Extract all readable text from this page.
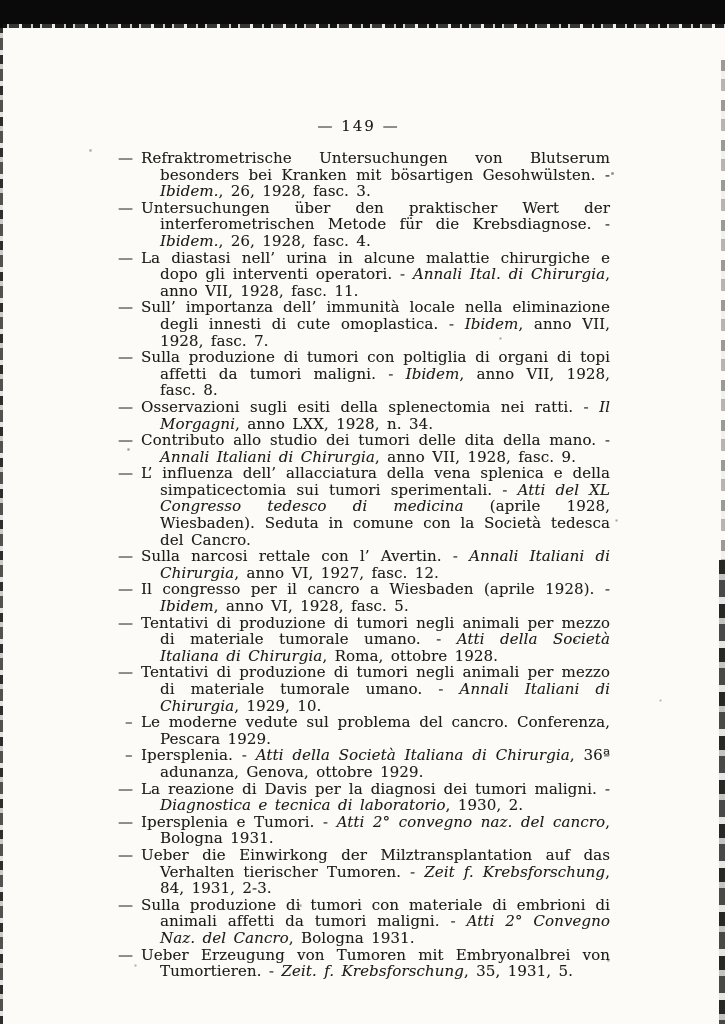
— 149 —
— Refraktrometrische Untersuchungen von Blutserum besonders bei Kranken mit bösartigen Gesohwülsten. - Ibidem., 26, 1928, fasc. 3.
— Untersuchungen über den praktischer Wert der interferometrischen Metode für die Krebsdiagnose. - Ibidem., 26, 1928, fasc. 4.
— La diastasi nell’ urina in alcune malattie chirurgiche e dopo gli interventi operatori. - Annali Ital. di Chirurgia, anno VII, 1928, fasc. 11.
— Sull’ importanza dell’ immunità locale nella eliminazione degli innesti di cute omoplastica. - Ibidem, anno VII, 1928, fasc. 7.
— Sulla produzione di tumori con poltiglia di organi di topi affetti da tumori maligni. - Ibidem, anno VII, 1928, fasc. 8.
— Osservazioni sugli esiti della splenectomia nei ratti. - Il Morgagni, anno LXX, 1928, n. 34.
— Contributo allo studio dei tumori delle dita della mano. - Annali Italiani di Chirurgia, anno VII, 1928, fasc. 9.
— L’ influenza dell’ allacciatura della vena splenica e della simpaticectomia sui tumori sperimentali. - Atti del XL Congresso tedesco di medicina (aprile 1928, Wiesbaden). Seduta in comune con la Società tedesca del Cancro.
— Sulla narcosi rettale con l’ Avertin. - Annali Italiani di Chirurgia, anno VI, 1927, fasc. 12.
— Il congresso per il cancro a Wiesbaden (aprile 1928). - Ibidem, anno VI, 1928, fasc. 5.
— Tentativi di produzione di tumori negli animali per mezzo di materiale tumorale umano. - Atti della Società Italiana di Chirurgia, Roma, ottobre 1928.
— Tentativi di produzione di tumori negli animali per mezzo di materiale tumorale umano. - Annali Italiani di Chirurgia, 1929, 10.
– Le moderne vedute sul problema del cancro. Conferenza, Pescara 1929.
– Ipersplenia. - Atti della Società Italiana di Chirurgia, 36ª adunanza, Genova, ottobre 1929.
— La reazione di Davis per la diagnosi dei tumori maligni. - Diagnostica e tecnica di laboratorio, 1930, 2.
— Ipersplenia e Tumori. - Atti 2° convegno naz. del cancro, Bologna 1931.
— Ueber die Einwirkong der Milztransplantation auf das Verhalten tierischer Tumoren. - Zeit f. Krebsforschung, 84, 1931, 2-3.
— Sulla produzione di tumori con materiale di embrioni di animali affetti da tumori maligni. - Atti 2° Convegno Naz. del Cancro, Bologna 1931.
— Ueber Erzeugung von Tumoren mit Embryonalbrei von Tumortieren. - Zeit. f. Krebsforschung, 35, 1931, 5.
